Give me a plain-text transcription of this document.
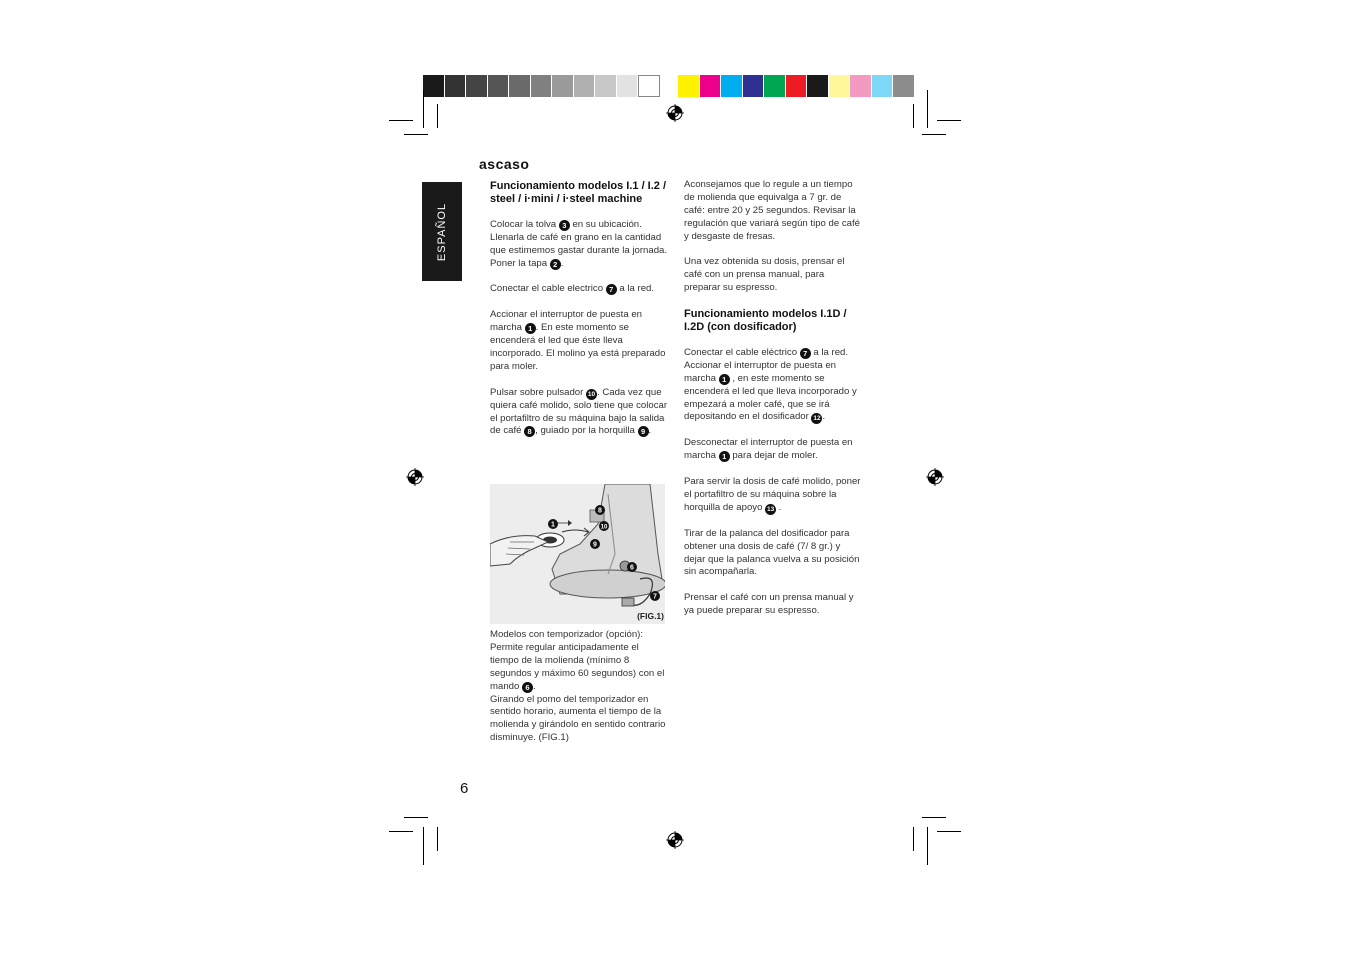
ESPAÑOL
ascaso
Funcionamiento modelos I.1 / I.2 / steel / i·mini / i·steel machine

Colocar la tolva 3 en su ubicación. Llenarla de café en grano en la cantidad que estimemos gastar durante la jornada. Poner la tapa 2 .

Conectar el cable electrico 7 a la red.

Accionar el interruptor de puesta en marcha 1 . En este momento se encenderá el led que éste lleva incorporado. El molino ya está preparado para moler.

Pulsar sobre pulsador 10 . Cada vez que quiera café molido, solo tiene que colocar el portafiltro de su máquina bajo la salida de café 8 , guiado por la horquilla 9 .

1
8
10
9
6
7
(FIG.1)

Modelos con temporizador (opción): Permite regular anticipadamente el tiempo de la molienda (mínimo 8 segundos y máximo 60 segundos) con el mando 6 .
Girando el pomo del temporizador en sentido horario, aumenta el tiempo de la molienda y girándolo en sentido contrario disminuye. (FIG.1)

Aconsejamos que lo regule a un tiempo de molienda que equivalga a 7 gr. de café: entre 20 y 25 segundos. Revisar la regulación que variará según tipo de café y desgaste de fresas.

Una vez obtenida su dosis, prensar el café con un prensa manual, para preparar su espresso.

Funcionamiento modelos I.1D / I.2D (con dosificador)

Conectar el cable eléctrico 7 a la red.

Accionar el interruptor de puesta en marcha 1 , en este momento se encenderá el led que lleva incorporado y empezará a moler café, que se irá depositando en el dosificador 12 .

Desconectar el interruptor de puesta en marcha 1 para dejar de moler.

Para servir la dosis de café molido, poner el portafiltro de su máquina sobre la horquilla de apoyo 13 .

Tirar de la palanca del dosificador para obtener una dosis de café (7/ 8 gr.) y dejar que la palanca vuelva a su posición sin acompañarla.

Prensar el café con un prensa manual y ya puede preparar su espresso.

6
